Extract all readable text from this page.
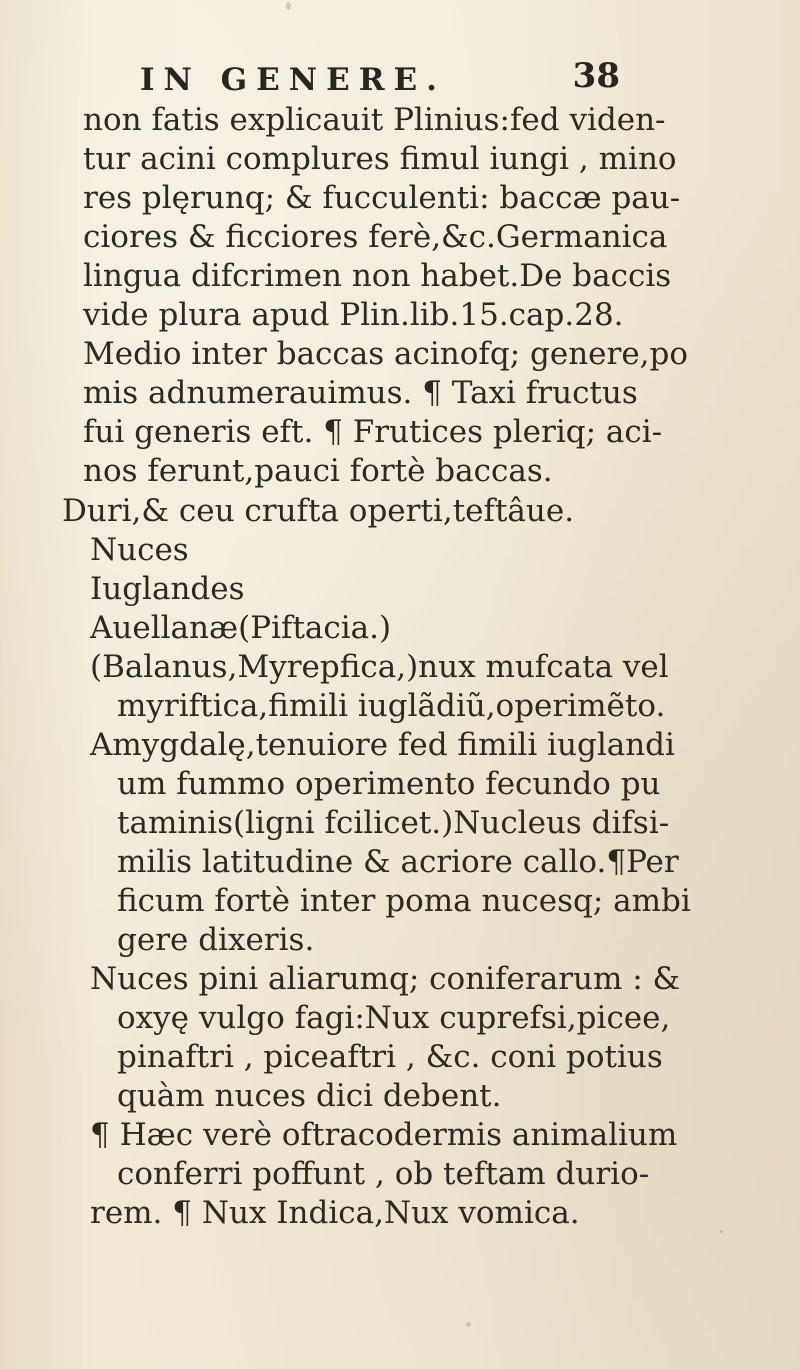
IN GENERE.	38
non fatis explicauit Plinius:fed viden-
tur acini complures fimul iungi , mino
res plęrunq; & fucculenti: baccæ pau-
ciores & ficciores ferè,&c.Germanica
lingua difcrimen non habet.De baccis
vide plura apud Plin.lib.15.cap.28.
Medio inter baccas acinofq; genere,po
mis adnumerauimus. ¶ Taxi fructus
fui generis eft. ¶ Frutices pleriq; aci-
nos ferunt,pauci fortè baccas.
Duri,& ceu crufta operti,teftâue.
Nuces
Iuglandes
Auellanæ(Piftacia.)
(Balanus,Myrepfica,)nux mufcata vel
myriftica,fimili iuglãdiũ,operimẽto.
Amygdalę,tenuiore fed fimili iuglandi
um fummo operimento fecundo pu
taminis(ligni fcilicet.)Nucleus difsi-
milis latitudine & acriore callo.¶Per
ficum fortè inter poma nucesq; ambi
gere dixeris.
Nuces pini aliarumq; coniferarum : &
oxyę vulgo fagi:Nux cuprefsi,picee,
pinaftri , piceaftri , &c. coni potius
quàm nuces dici debent.
¶ Hæc verè oftracodermis animalium
conferri poffunt , ob teftam durio-
rem. ¶ Nux Indica,Nux vomica.
